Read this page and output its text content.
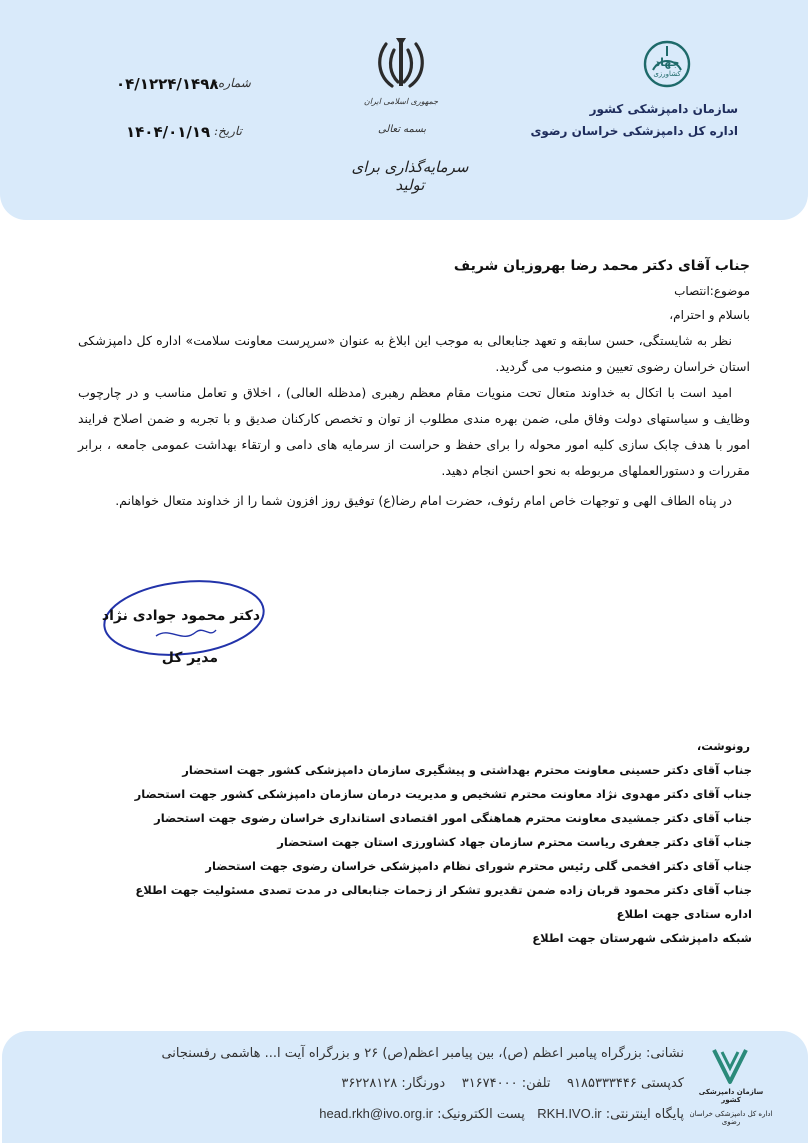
شماره:
۰۴/۱۲۲۴/۱۴۹۸
تاریخ:
۱۴۰۴/۰۱/۱۹
جمهوری اسلامی ایران
بسمه تعالی
سرمایه‌گذاری برای تولید
جهاد
کشاورزی
سازمان دامپزشکی کشور
اداره کل دامپزشکی خراسان رضوی
جناب آقای دکتر محمد رضا بهروزیان شریف
موضوع:انتصاب
باسلام و احترام،
نظر به شایستگی، حسن سابقه و تعهد جنابعالی به موجب این ابلاغ به عنوان «سرپرست معاونت سلامت» اداره کل دامپزشکی استان خراسان رضوی تعیین و منصوب می گردید.
امید است با اتکال به خداوند متعال تحت منویات مقام معظم رهبری (مدظله العالی) ، اخلاق و تعامل مناسب و در چارچوب وظایف و سیاستهای دولت وفاق ملی، ضمن بهره مندی مطلوب از توان و تخصص کارکنان صدیق و با تجربه و ضمن اصلاح فرایند امور با هدف چابک سازی کلیه امور محوله را برای حفظ و حراست از سرمایه های دامی و ارتقاء بهداشت عمومی جامعه ، برابر مقررات و دستورالعملهای مربوطه به نحو احسن انجام دهید.
در پناه الطاف الهی و توجهات خاص امام رئوف، حضرت امام رضا(ع) توفیق روز افزون شما را از خداوند متعال خواهانم.
دکتر محمود جوادی نژاد
مدیر کل
رونوشت،
جناب آقای دکتر حسینی معاونت محترم بهداشتی و پیشگیری سازمان دامپزشکی کشور جهت استحضار
جناب آقای دکتر مهدوی نژاد معاونت محترم تشخیص و مدیریت درمان سازمان دامپزشکی کشور جهت استحضار
جناب آقای دکتر جمشیدی معاونت محترم هماهنگی امور اقتصادی استانداری خراسان رضوی جهت استحضار
جناب آقای دکتر جعفری ریاست محترم سازمان جهاد کشاورزی استان جهت استحضار
جناب آقای دکتر افخمی گلی رئیس محترم شورای نظام دامپزشکی خراسان رضوی جهت استحضار
جناب آقای دکتر محمود قربان زاده ضمن تقدیرو تشکر از زحمات جنابعالی در مدت تصدی مسئولیت جهت اطلاع
اداره ستادی جهت اطلاع
شبکه دامپزشکی شهرستان جهت اطلاع
سازمان دامپزشکی کشور
اداره کل دامپزشکی خراسان رضوی
نشانی: بزرگراه پیامبر اعظم (ص)، بین پیامبر اعظم(ص) ۲۶ و بزرگراه آیت ا... هاشمی رفسنجانی
کدپستی ۹۱۸۵۳۳۳۴۴۶    تلفن: ۳۱۶۷۴۰۰۰    دورنگار: ۳۶۲۲۸۱۲۸
پایگاه اینترنتی: RKH.IVO.ir   پست الکترونیک: head.rkh@ivo.org.ir
